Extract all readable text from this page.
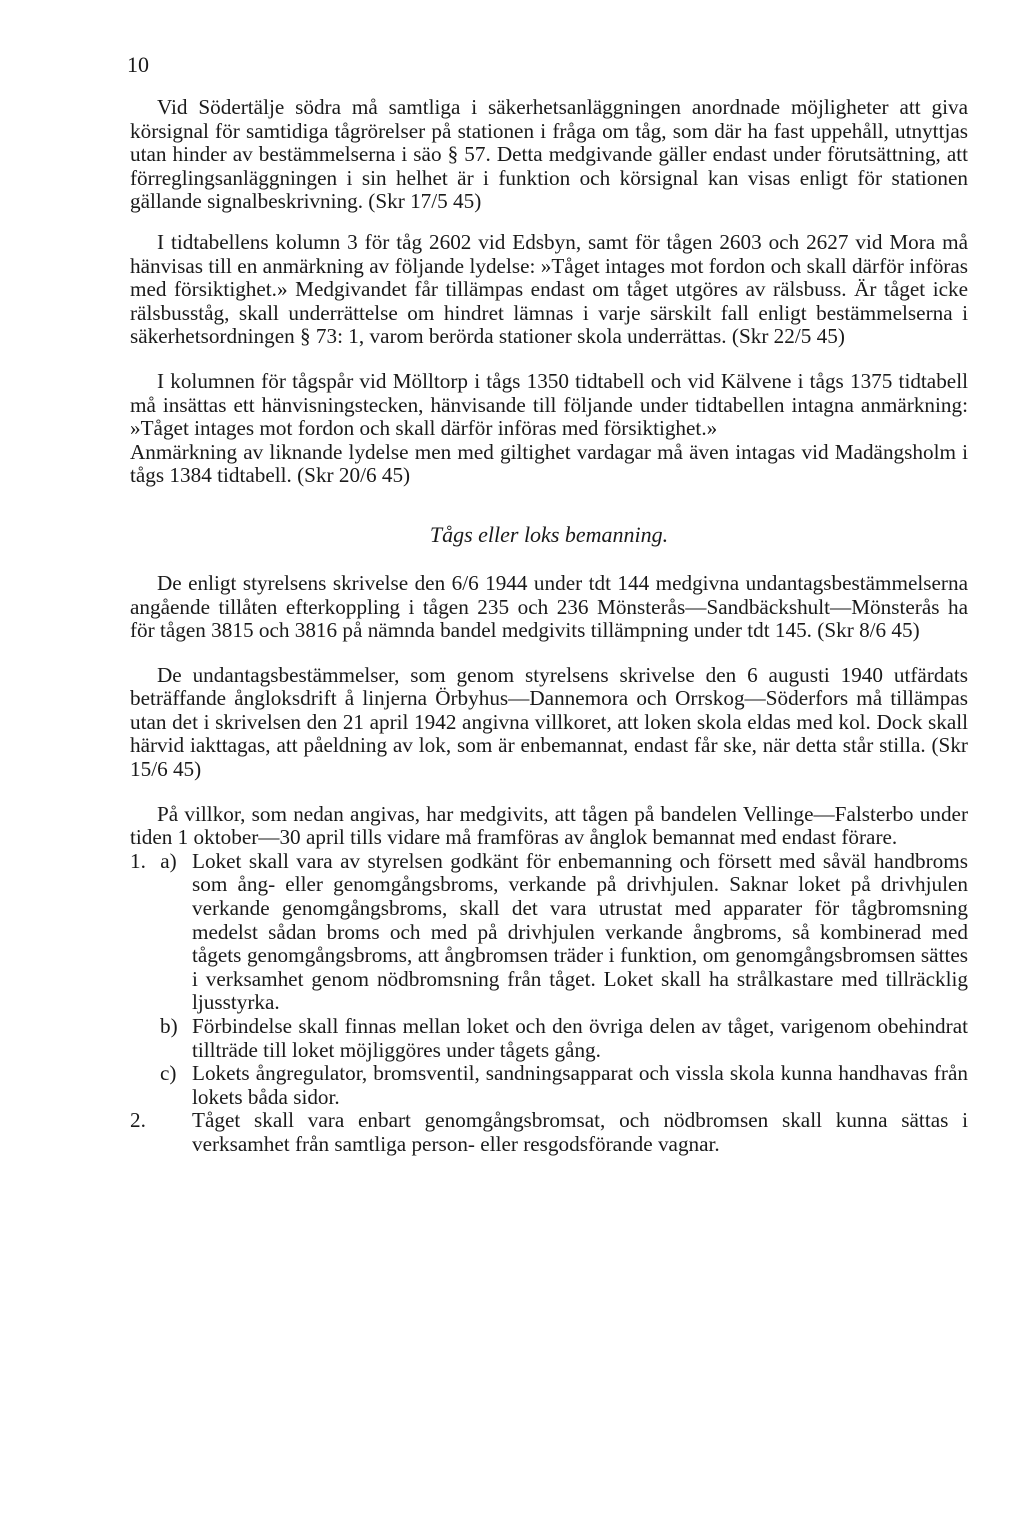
10

Vid Södertälje södra må samtliga i säkerhetsanläggningen anordnade möjligheter att giva körsignal för samtidiga tågrörelser på stationen i fråga om tåg, som där ha fast uppehåll, utnyttjas utan hinder av bestämmelserna i säo § 57. Detta medgivande gäller endast under förutsättning, att förreglingsanläggningen i sin helhet är i funktion och körsignal kan visas enligt för stationen gällande signalbeskrivning. (Skr 17/5 45)

I tidtabellens kolumn 3 för tåg 2602 vid Edsbyn, samt för tågen 2603 och 2627 vid Mora må hänvisas till en anmärkning av följande lydelse: »Tåget intages mot fordon och skall därför införas med försiktighet.» Medgivandet får tillämpas endast om tåget utgöres av rälsbuss. Är tåget icke rälsbusståg, skall underrättelse om hindret lämnas i varje särskilt fall enligt bestämmelserna i säkerhetsordningen § 73: 1, varom berörda stationer skola underrättas. (Skr 22/5 45)

I kolumnen för tågspår vid Mölltorp i tågs 1350 tidtabell och vid Kälvene i tågs 1375 tidtabell må insättas ett hänvisningstecken, hänvisande till följande under tidtabellen intagna anmärkning: »Tåget intages mot fordon och skall därför införas med försiktighet.»

Anmärkning av liknande lydelse men med giltighet vardagar må även intagas vid Madängsholm i tågs 1384 tidtabell. (Skr 20/6 45)

Tågs eller loks bemanning.

De enligt styrelsens skrivelse den 6/6 1944 under tdt 144 medgivna undantagsbestämmelserna angående tillåten efterkoppling i tågen 235 och 236 Mönsterås—Sandbäckshult—Mönsterås ha för tågen 3815 och 3816 på nämnda bandel medgivits tillämpning under tdt 145. (Skr 8/6 45)

De undantagsbestämmelser, som genom styrelsens skrivelse den 6 augusti 1940 utfärdats beträffande ångloksdrift å linjerna Örbyhus—Dannemora och Orrskog—Söderfors må tillämpas utan det i skrivelsen den 21 april 1942 angivna villkoret, att loken skola eldas med kol. Dock skall härvid iakttagas, att påeldning av lok, som är enbemannat, endast får ske, när detta står stilla. (Skr 15/6 45)

På villkor, som nedan angivas, har medgivits, att tågen på bandelen Vellinge—Falsterbo under tiden 1 oktober—30 april tills vidare må framföras av ånglok bemannat med endast förare.

1. a) Loket skall vara av styrelsen godkänt för enbemanning och försett med såväl handbroms som ång- eller genomgångsbroms, verkande på drivhjulen. Saknar loket på drivhjulen verkande genomgångsbroms, skall det vara utrustat med apparater för tågbromsning medelst sådan broms och med på drivhjulen verkande ångbroms, så kombinerad med tågets genomgångsbroms, att ångbromsen träder i funktion, om genomgångsbromsen sättes i verksamhet genom nödbromsning från tåget. Loket skall ha strålkastare med tillräcklig ljusstyrka.
b) Förbindelse skall finnas mellan loket och den övriga delen av tåget, varigenom obehindrat tillträde till loket möjliggöres under tågets gång.
c) Lokets ångregulator, bromsventil, sandningsapparat och vissla skola kunna handhavas från lokets båda sidor.
2.	Tåget skall vara enbart genomgångsbromsat, och nödbromsen skall kunna sättas i verksamhet från samtliga person- eller resgodsförande vagnar.
